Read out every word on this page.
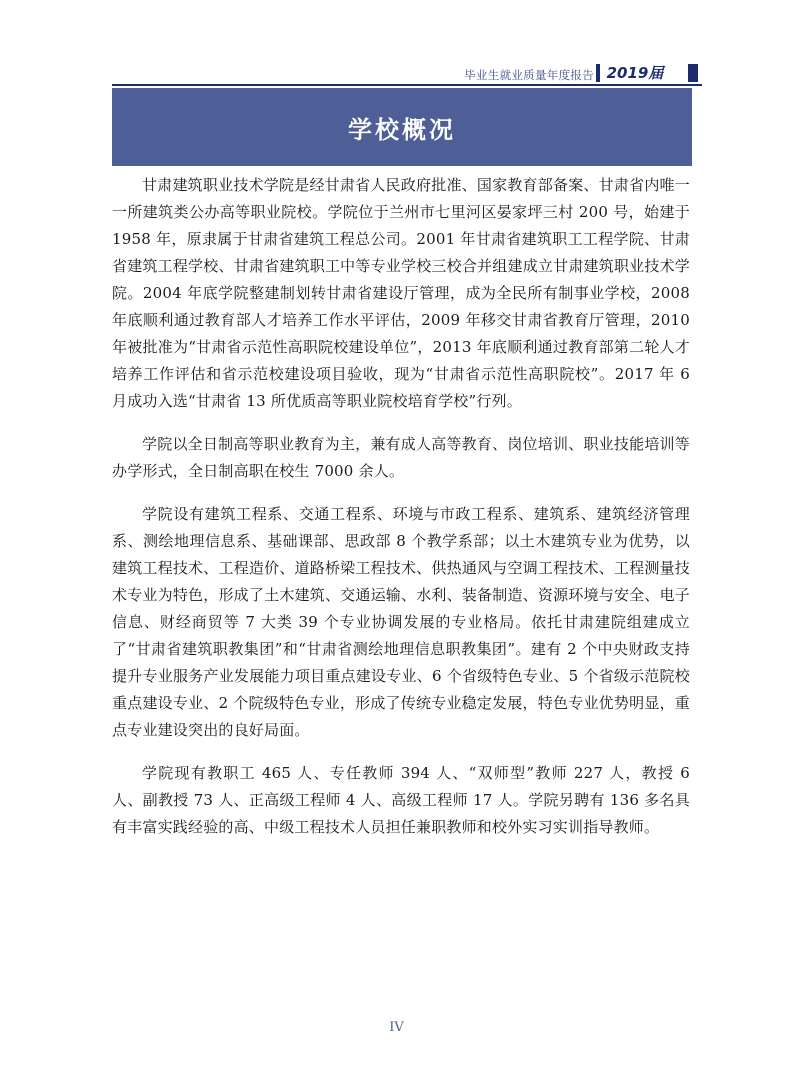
毕业生就业质量年度报告 2019届
学校概况

甘肃建筑职业技术学院是经甘肃省人民政府批准、国家教育部备案、甘肃省内唯一一所建筑类公办高等职业院校。学院位于兰州市七里河区晏家坪三村 200 号，始建于 1958 年，原隶属于甘肃省建筑工程总公司。2001 年甘肃省建筑职工工程学院、甘肃省建筑工程学校、甘肃省建筑职工中等专业学校三校合并组建成立甘肃建筑职业技术学院。2004 年底学院整建制划转甘肃省建设厅管理，成为全民所有制事业学校，2008 年底顺利通过教育部人才培养工作水平评估，2009 年移交甘肃省教育厅管理，2010 年被批准为“甘肃省示范性高职院校建设单位”，2013 年底顺利通过教育部第二轮人才培养工作评估和省示范校建设项目验收，现为“甘肃省示范性高职院校”。2017 年 6 月成功入选“甘肃省 13 所优质高等职业院校培育学校”行列。

学院以全日制高等职业教育为主，兼有成人高等教育、岗位培训、职业技能培训等办学形式，全日制高职在校生 7000 余人。

学院设有建筑工程系、交通工程系、环境与市政工程系、建筑系、建筑经济管理系、测绘地理信息系、基础课部、思政部 8 个教学系部；以土木建筑专业为优势，以建筑工程技术、工程造价、道路桥梁工程技术、供热通风与空调工程技术、工程测量技术专业为特色，形成了土木建筑、交通运输、水利、装备制造、资源环境与安全、电子信息、财经商贸等 7 大类 39 个专业协调发展的专业格局。依托甘肃建院组建成立了“甘肃省建筑职教集团”和“甘肃省测绘地理信息职教集团”。建有 2 个中央财政支持提升专业服务产业发展能力项目重点建设专业、6 个省级特色专业、5 个省级示范院校重点建设专业、2 个院级特色专业，形成了传统专业稳定发展，特色专业优势明显，重点专业建设突出的良好局面。

学院现有教职工 465 人、专任教师 394 人、“双师型”教师 227 人，教授 6 人、副教授 73 人、正高级工程师 4 人、高级工程师 17 人。学院另聘有 136 多名具有丰富实践经验的高、中级工程技术人员担任兼职教师和校外实习实训指导教师。

IV
